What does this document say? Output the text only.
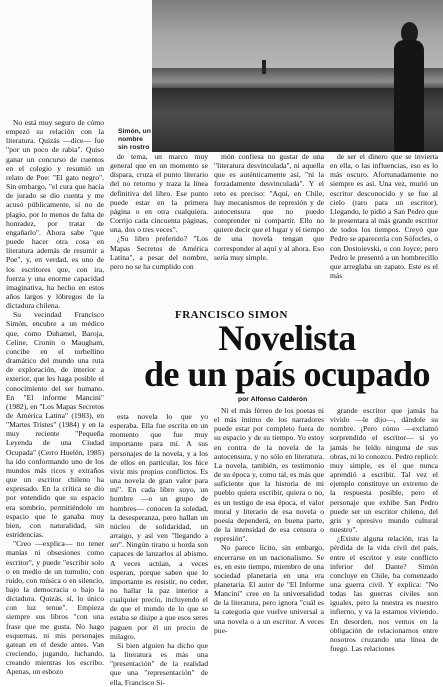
No está muy seguro de cómo empezó su relación con la literatura. Quizás —dice— fue "por un poco de rabia". Quiso ganar un concurso de cuentos en el colegio y resumió un relato de Poe: "El gato negro". Sin embargo, "el cura que hacía de jurado se dio cuenta y me acusó públicamente, si no de plagio, por lo menos de falta de honradez, por tratar de engañarlo". Ahora sabe "que puede hacer otra cosa en literatura además de resumir a Poe", y, en verdad, es uno de los escritores que, con ira, fuerza y una enorme capacidad imaginativa, ha hecho en estos años largos y lóbregos de la dictadura chilena.

Su vecindad Francisco Simón, encubre a un médico que, como Duhamel, Baroja, Celine, Cronin o Maugham, concibe en el torbellino dramático del mundo una ruta de exploración, de interior a exterior, que les haga posible el conocimiento del ser humano. En "El informe Mancini" (1982), en "Los Mapas Secretos de América Latina" (1983), en "Martes Tristes" (1984) y en la muy reciente "Pequeña Leyenda de una Ciudad Ocupada" (Cerro Huelén, 1985) ha ido conformando uno de los mundos más ricos y extraños que un escritor chileno ha expresado. En la crítica se dio por entendido que su espacio era sombrío, permitiéndole un espacio que le ganaba muy bien, con naturalidad, sin estridencias.

"Creo —explica— no tener manías ni obsesiones como escritor", y puede "escribir solo o en medio de un tumulto, con ruido, con música o en silencio, bajo la democracia o bajo la dictadura. Quizás, sí, lo único con luz tenue". Empieza siempre sus libros "con una frase que me gusta. No hago esquemas, ni mis personajes gatean en el desde antes. Van creciendo, jugando, luchando, creando mientras los escribo. Apenas, un esbozo

Simón, un nombre sin rostro

de tema, un marco muy general que en un momento se dispara, cruza el punto literario del no retorno y traza la línea definitiva del libro. Ese punto puede estar en la primera página o en otra cualquiera. Corrijo cada cincuenta páginas, una, dos o tres veces".

¿Su libro preferido? "Los Mapas Secretos de América Latina", a pesar del nombre, pero no se ha cumplido con

món confiesa no gustar de una "literatura desvinculada", ni aquella que es auténticamente así, "ni la forzadamente desvinculada". Y el reto es preciso: "Aquí, en Chile, hay mecanismos de represión y de autocensura que no puedo comprender ni compartir. Ello no quiere decir que el lugar y el tiempo de una novela tengan que corresponder al aquí y al ahora. Eso sería muy simple.

de ser el dinero que se invierta en ella, o las influencias, eso es lo más oscuro. Afortunadamente no siempre es así. Una vez, murió un escritor desconocido y se fue al cielo (raro para un escritor). Llegando, le pidió a San Pedro que le presentara al más grande escritor de todos los tiempos. Creyó que Pedro se aparecería con Sófocles, o con Dostoievski, o con Joyce; pero Pedro le presentó a un hombrecillo que arreglaba un zapato. Este es el más

FRANCISCO SIMON
Novelista
de un país ocupado
por Alfonso Calderón

esta novela lo que yo esperaba. Ella fue escrita en un momento que fue muy importante para mí. A sus personajes de la novela, y a los de ellos en particular, los hice vivir mis propios conflictos. Es una novela de gran valor para mí". En cada libro suyo, un hombre —o un grupo de hombres— conocen la soledad, la desesperanza, pero hallan un núcleo de solidaridad, un arraigo, y así ven "llegando a ser". Ningún tirano u horda son capaces de lanzarlos al abismo. A veces actúan, a veces esperan, porque saben que lo importante es resistir, no ceder, no hallar la paz interior a cualquier precio, incluyendo el de que el mundo de lo que se estaba se disipe a que esos seres paguen por él un precio de milagro.

Si bien alguien ha dicho que la literatura es más una "presentación" de la realidad que una "representación" de ella, Francisco Si-

Ni el más férreo de los poetas ni el más íntimo de los narradores puede estar por completo fuera de su espacio y de su tiempo. Yo estoy en contra de la novela de la autocensura, y no sólo en literatura. La novela, también, es testimonio de su época y, como tal, es más que suficiente que la historia de mi pueblo quiera escribir, quiera o no, es un testigo de esa época, el valor moral y literario de esa novela o poesía dependerá, en buena parte, de la intensidad de esa censura o represión".

No parece lícito, sin embargo, encerrarse en un nacionalismo. Se es, en este tiempo, miembro de una sociedad planetaria en una era planetaria. El autor de "El Informe Mancini" cree en la universalidad de la literatura, pero ignora "cuál es la categoría que vuelve universal a una novela o a un escritor. A veces pue-

grande escritor que jamás ha vivido —le dijo—, dándole su nombre. ¡Pero cómo —exclamó sorprendido el escritor— si yo jamás he leído ninguna de sus obras, ni lo conozco. Pedro replicó: muy simple, es el que nunca aprendió a escribir. Tal vez el ejemplo constituye un extremo de la respuesta posible, pero el personaje que exhibe San Pedro puede ser un escritor chileno, del gris y opresivo mundo cultural nuestro".

¿Existe alguna relación, tras la pérdida de la vida civil del país, entre el escritor y este conflicto inferior del Dante? Simón concluye en Chile, ha comenzado una guerra civil. Y explica: "No todas las guerras civiles son iguales, pero la nuestra es nuestro infierno, y va la estamos viviendo. En desorden, nos vemos en la obligación de relacionarnos entre nosotros cruzando una línea de fuego. Las relaciones
